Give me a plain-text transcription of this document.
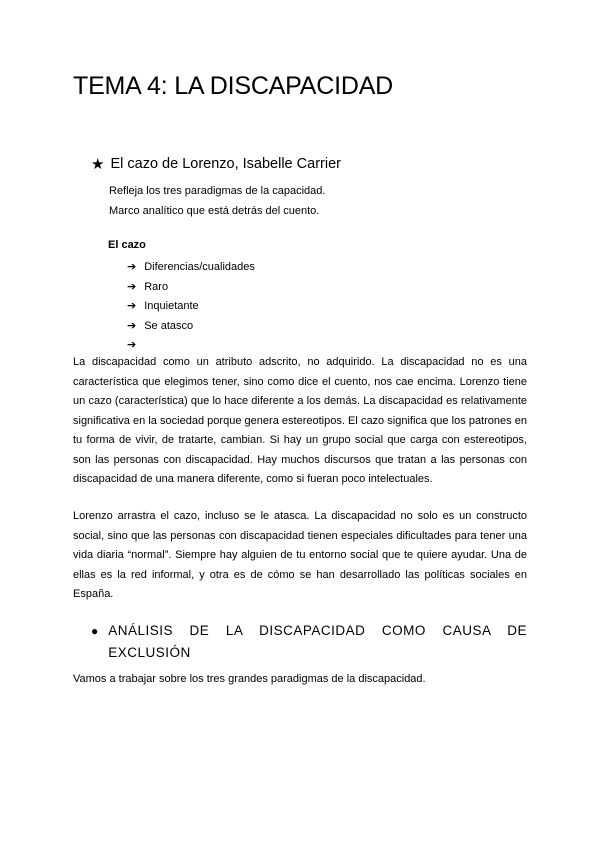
TEMA 4: LA DISCAPACIDAD
★ El cazo de Lorenzo, Isabelle Carrier
Refleja los tres paradigmas de la capacidad.
Marco analítico que está detrás del cuento.
El cazo
➔ Diferencias/cualidades
➔ Raro
➔ Inquietante
➔ Se atasco
➔

La discapacidad como un atributo adscrito, no adquirido. La discapacidad no es una característica que elegimos tener, sino como dice el cuento, nos cae encima. Lorenzo tiene un cazo (característica) que lo hace diferente a los demás. La discapacidad es relativamente significativa en la sociedad porque genera estereotipos. El cazo significa que los patrones en tu forma de vivir, de tratarte, cambian. Si hay un grupo social que carga con estereotipos, son las personas con discapacidad. Hay muchos discursos que tratan a las personas con discapacidad de una manera diferente, como si fueran poco intelectuales.

Lorenzo arrastra el cazo, incluso se le atasca. La discapacidad no solo es un constructo social, sino que las personas con discapacidad tienen especiales dificultades para tener una vida diaria “normal”. Siempre hay alguien de tu entorno social que te quiere ayudar. Una de ellas es la red informal, y otra es de cómo se han desarrollado las políticas sociales en España.

● ANÁLISIS DE LA DISCAPACIDAD COMO CAUSA DE EXCLUSIÓN
Vamos a trabajar sobre los tres grandes paradigmas de la discapacidad.
